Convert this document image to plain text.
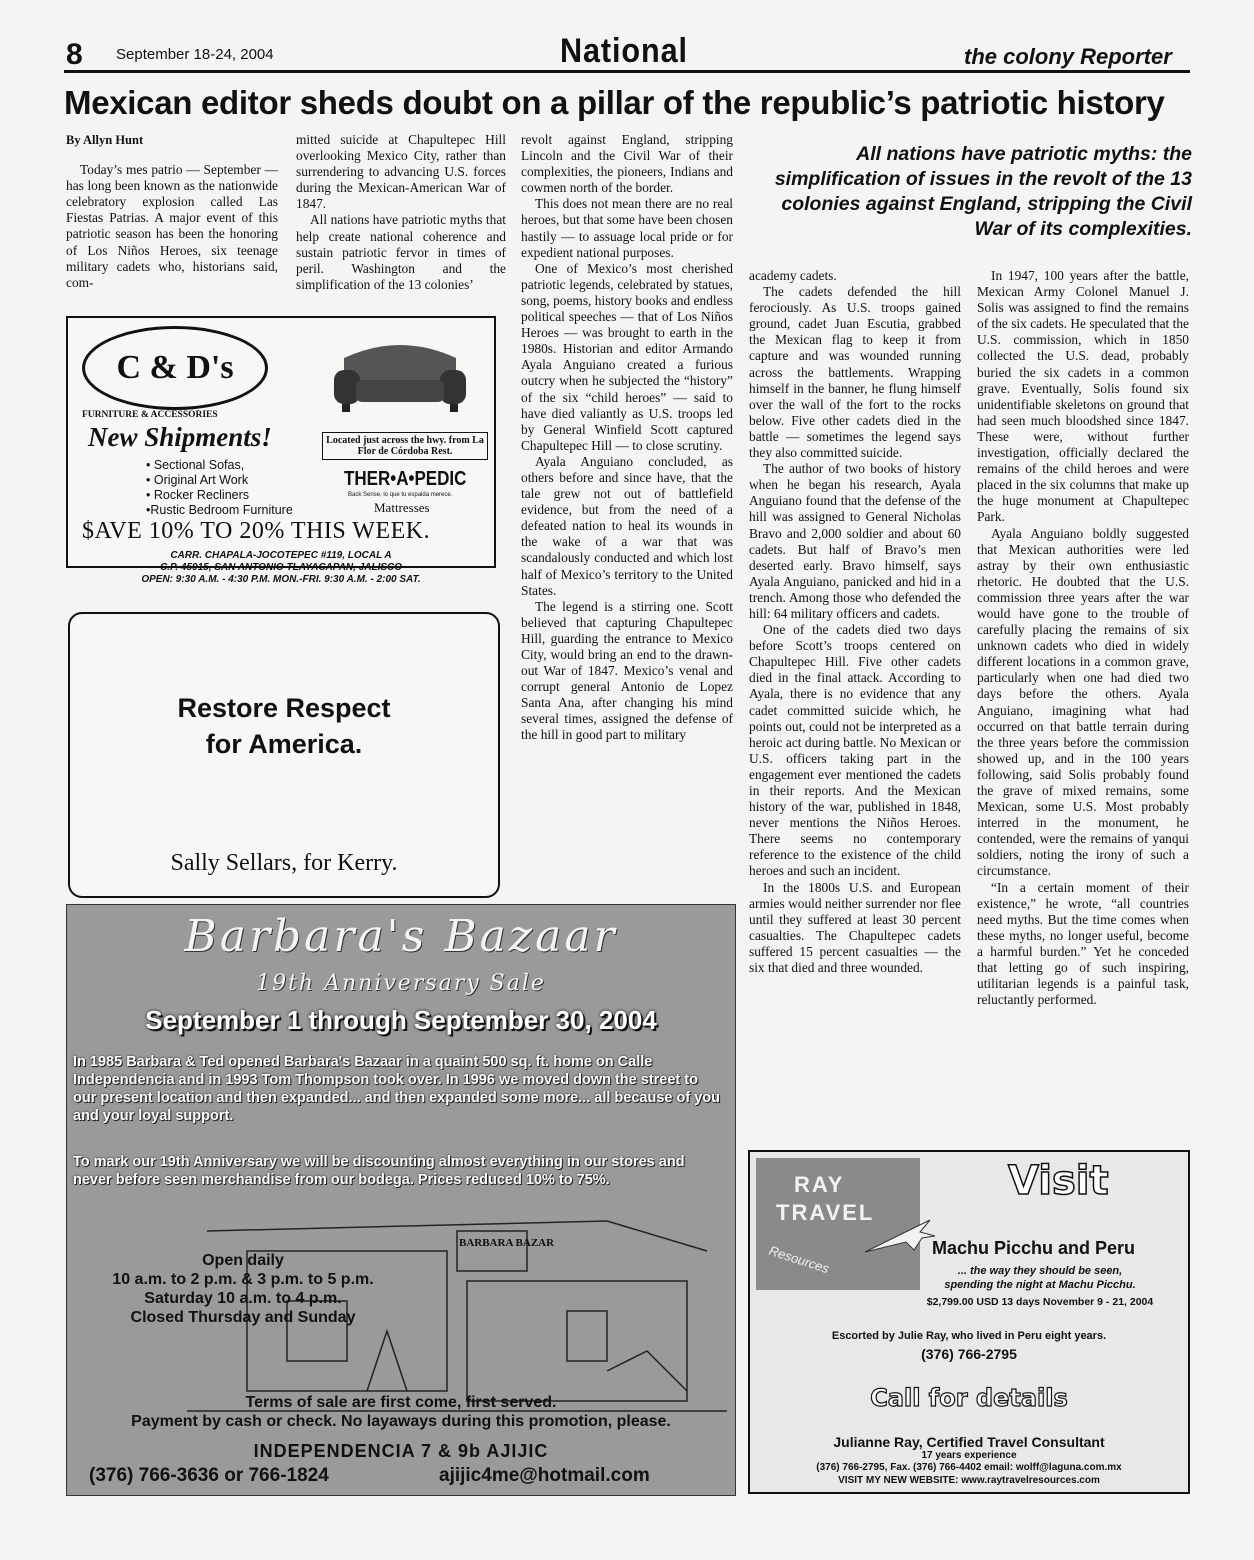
8 September 18-24, 2004	National	the colony Reporter
Mexican editor sheds doubt on a pillar of the republic’s patriotic history
By Allyn Hunt

Today’s mes patrio — September — has long been known as the nationwide celebratory explosion called Las Fiestas Patrias. A major event of this patriotic season has been the honoring of Los Niños Heroes, six teenage military cadets who, historians said, com-

mitted suicide at Chapultepec Hill overlooking Mexico City, rather than surrendering to advancing U.S. forces during the Mexican-American War of 1847.

All nations have patriotic myths that help create national coherence and sustain patriotic fervor in times of peril. Washington and the simplification of the 13 colonies’

revolt against England, stripping Lincoln and the Civil War of their complexities, the pioneers, Indians and cowmen north of the border.

This does not mean there are no real heroes, but that some have been chosen hastily — to assuage local pride or for expedient national purposes.

One of Mexico’s most cherished patriotic legends, celebrated by statues, song, poems, history books and endless political speeches — that of Los Niños Heroes — was brought to earth in the 1980s. Historian and editor Armando Ayala Anguiano created a furious outcry when he subjected the “history” of the six “child heroes” — said to have died valiantly as U.S. troops led by General Winfield Scott captured Chapultepec Hill — to close scrutiny.

Ayala Anguiano concluded, as others before and since have, that the tale grew not out of battlefield evidence, but from the need of a defeated nation to heal its wounds in the wake of a war that was scandalously conducted and which lost half of Mexico’s territory to the United States.

The legend is a stirring one. Scott believed that capturing Chapultepec Hill, guarding the entrance to Mexico City, would bring an end to the drawn-out War of 1847. Mexico’s venal and corrupt general Antonio de Lopez Santa Ana, after changing his mind several times, assigned the defense of the hill in good part to military

All nations have patriotic myths: the simplification of issues in the revolt of the 13 colonies against England, stripping the Civil War of its complexities.

academy cadets.

The cadets defended the hill ferociously. As U.S. troops gained ground, cadet Juan Escutia, grabbed the Mexican flag to keep it from capture and was wounded running across the battlements. Wrapping himself in the banner, he flung himself over the wall of the fort to the rocks below. Five other cadets died in the battle — sometimes the legend says they also committed suicide.

The author of two books of history when he began his research, Ayala Anguiano found that the defense of the hill was assigned to General Nicholas Bravo and 2,000 soldier and about 60 cadets. But half of Bravo’s men deserted early. Bravo himself, says Ayala Anguiano, panicked and hid in a trench. Among those who defended the hill: 64 military officers and cadets.

One of the cadets died two days before Scott’s troops centered on Chapultepec Hill. Five other cadets died in the final attack. According to Ayala, there is no evidence that any cadet committed suicide which, he points out, could not be interpreted as a heroic act during battle. No Mexican or U.S. officers taking part in the engagement ever mentioned the cadets in their reports. And the Mexican history of the war, published in 1848, never mentions the Niños Heroes. There seems no contemporary reference to the existence of the child heroes and such an incident.

In the 1800s U.S. and European armies would neither surrender nor flee until they suffered at least 30 percent casualties. The Chapultepec cadets suffered 15 percent casualties — the six that died and three wounded.

In 1947, 100 years after the battle, Mexican Army Colonel Manuel J. Solis was assigned to find the remains of the six cadets. He speculated that the U.S. commission, which in 1850 collected the U.S. dead, probably buried the six cadets in a common grave. Eventually, Solis found six unidentifiable skeletons on ground that had seen much bloodshed since 1847. These were, without further investigation, officially declared the remains of the child heroes and were placed in the six columns that make up the huge monument at Chapultepec Park.

Ayala Anguiano boldly suggested that Mexican authorities were led astray by their own enthusiastic rhetoric. He doubted that the U.S. commission three years after the war would have gone to the trouble of carefully placing the remains of six unknown cadets who died in widely different locations in a common grave, particularly when one had died two days before the others. Ayala Anguiano, imagining what had occurred on that battle terrain during the three years before the commission showed up, and in the 100 years following, said Solis probably found the grave of mixed remains, some Mexican, some U.S. Most probably interred in the monument, he contended, were the remains of yanqui soldiers, noting the irony of such a circumstance.

“In a certain moment of their existence,” he wrote, “all countries need myths. But the time comes when these myths, no longer useful, become a harmful burden.” Yet he conceded that letting go of such inspiring, utilitarian legends is a painful task, reluctantly performed.

C & D's
FURNITURE & ACCESSORIES
New Shipments!
• Sectional Sofas,
• Original Art Work
• Rocker Recliners
•Rustic Bedroom Furniture
Located just across the hwy. from La Flor de Córdoba Rest.
THER•A•PEDIC
Back Sense, lo que tu espalda merece.
Mattresses
$AVE 10% TO 20% THIS WEEK.
CARR. CHAPALA-JOCOTEPEC #119, LOCAL A
C.P. 45915, SAN ANTONIO TLAYACAPAN, JALISCO
OPEN: 9:30 A.M. - 4:30 P.M. MON.-FRI. 9:30 A.M. - 2:00 SAT.
Restore Respect
for America.
Sally Sellars, for Kerry.
Barbara's Bazaar
19th Anniversary Sale
September 1 through September 30, 2004
In 1985 Barbara & Ted opened Barbara's Bazaar in a quaint 500 sq. ft. home on Calle Independencia and in 1993 Tom Thompson took over. In 1996 we moved down the street to our present location and then expanded... and then expanded some more... all because of you and your loyal support.
To mark our 19th Anniversary we will be discounting almost everything in our stores and never before seen merchandise from our bodega. Prices reduced 10% to 75%.
BARBARA BAZAR
Open daily
10 a.m. to 2 p.m. & 3 p.m. to 5 p.m.
Saturday 10 a.m. to 4 p.m.
Closed Thursday and Sunday
Terms of sale are first come, first served.
Payment by cash or check. No layaways during this promotion, please.
INDEPENDENCIA 7 & 9b AJIJIC
(376) 766-3636 or 766-1824	ajijic4me@hotmail.com
RAY
TRAVEL
Resources
Visit
Machu Picchu and Peru
... the way they should be seen,
spending the night at Machu Picchu.
$2,799.00 USD 13 days November 9 - 21, 2004
Escorted by Julie Ray, who lived in Peru eight years.
(376) 766-2795
Call for details
Julianne Ray, Certified Travel Consultant
17 years experience
(376) 766-2795, Fax. (376) 766-4402 email: wolff@laguna.com.mx
VISIT MY NEW WEBSITE: www.raytravelresources.com
